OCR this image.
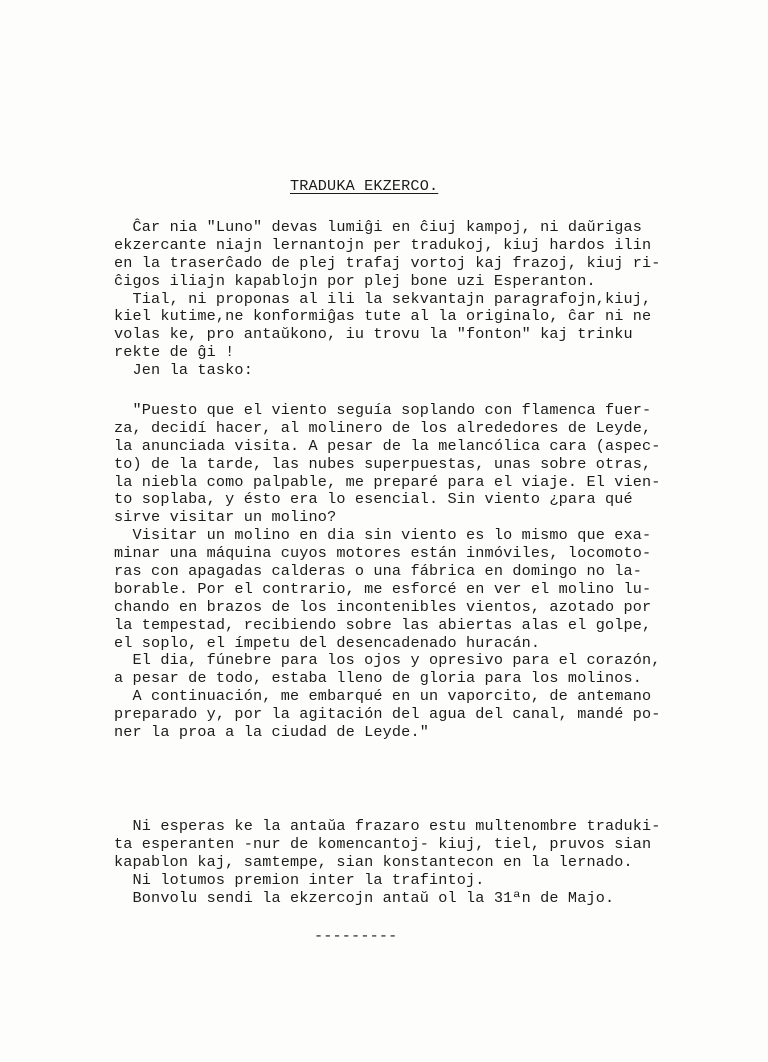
TRADUKA EKZERCO.
Ĉar nia "Luno" devas lumiĝi en ĉiuj kampoj, ni daŭrigas
ekzercante niajn lernantojn per tradukoj, kiuj hardos ilin
en la traserĉado de plej trafaj vortoj kaj frazoj, kiuj ri-
ĉigos iliajn kapablojn por plej bone uzi Esperanton.
Tial, ni proponas al ili la sekvantajn paragrafojn,kiuj,
kiel kutime,ne konformiĝas tute al la originalo, ĉar ni ne
volas ke, pro antaŭkono, iu trovu la "fonton" kaj trinku
rekte de ĝi !
Jen la tasko:
"Puesto que el viento seguía soplando con flamenca fuer-
za, decidí hacer, al molinero de los alrededores de Leyde,
la anunciada visita. A pesar de la melancólica cara (aspec-
to) de la tarde, las nubes superpuestas, unas sobre otras,
la niebla como palpable, me preparé para el viaje. El vien-
to soplaba, y ésto era lo esencial. Sin viento ¿para qué
sirve visitar un molino?
Visitar un molino en dia sin viento es lo mismo que exa-
minar una máquina cuyos motores están inmóviles, locomoto-
ras con apagadas calderas o una fábrica en domingo no la-
borable. Por el contrario, me esforcé en ver el molino lu-
chando en brazos de los incontenibles vientos, azotado por
la tempestad, recibiendo sobre las abiertas alas el golpe,
el soplo, el ímpetu del desencadenado huracán.
El dia, fúnebre para los ojos y opresivo para el corazón,
a pesar de todo, estaba lleno de gloria para los molinos.
A continuación, me embarqué en un vaporcito, de antemano
preparado y, por la agitación del agua del canal, mandé po-
ner la proa a la ciudad de Leyde."
Ni esperas ke la antaŭa frazaro estu multenombre traduki-
ta esperanten -nur de komencantoj- kiuj, tiel, pruvos sian
kapablon kaj, samtempe, sian konstantecon en la lernado.
Ni lotumos premion inter la trafintoj.
Bonvolu sendi la ekzercojn antaŭ ol la 31ªn de Majo.
---------
